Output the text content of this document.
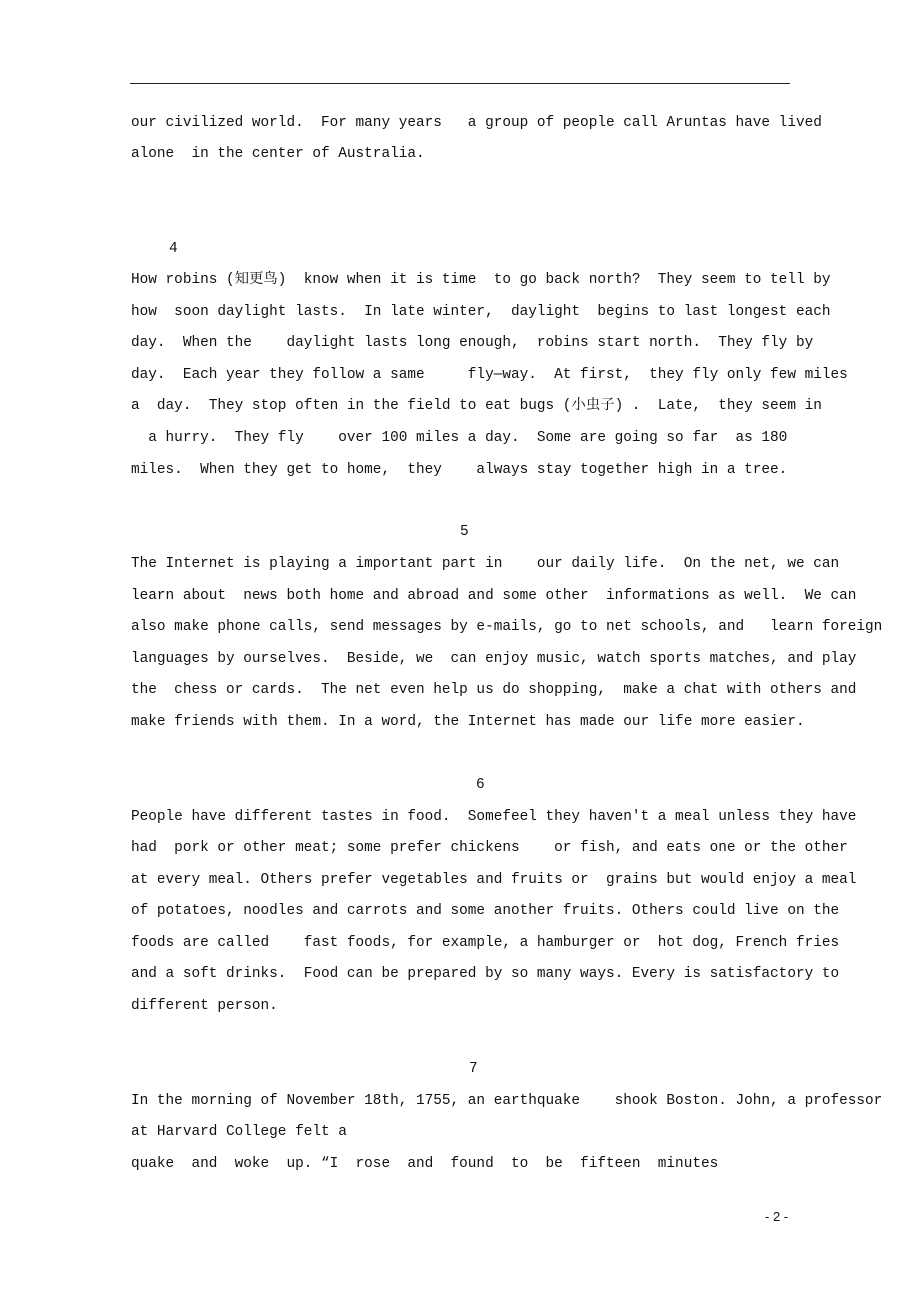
our civilized world.  For many years   a group of people call Aruntas have lived
alone  in the center of Australia.
4
How robins (知更鸟)  know when it is time  to go back north?  They seem to tell by
how  soon daylight lasts.  In late winter,  daylight  begins to last longest each
day.  When the    daylight lasts long enough,  robins start north.  They fly by
day.  Each year they follow a same     fly—way.  At first,  they fly only few miles
a  day.  They stop often in the field to eat bugs (小虫子) .  Late,  they seem in
a hurry.  They fly    over 100 miles a day.  Some are going so far  as 180
miles.  When they get to home,  they    always stay together high in a tree.
5
The Internet is playing a important part in    our daily life.  On the net, we can
learn about  news both home and abroad and some other  informations as well.  We can
also make phone calls, send messages by e-mails, go to net schools, and   learn foreign
languages by ourselves.  Beside, we  can enjoy music, watch sports matches, and play
the  chess or cards.  The net even help us do shopping,  make a chat with others and
make friends with them. In a word, the Internet has made our life more easier.
6
People have different tastes in food.  Somefeel they haven't a meal unless they have
had  pork or other meat; some prefer chickens    or fish, and eats one or the other
at every meal. Others prefer vegetables and fruits or  grains but would enjoy a meal
of potatoes, noodles and carrots and some another fruits. Others could live on the
foods are called    fast foods, for example, a hamburger or  hot dog, French fries
and a soft drinks.  Food can be prepared by so many ways. Every is satisfactory to
different person.
7
In the morning of November 18th, 1755, an earthquake    shook Boston. John, a professor
at Harvard College felt a
quake  and  woke  up. “I  rose  and  found  to  be  fifteen  minutes
- 2 -
